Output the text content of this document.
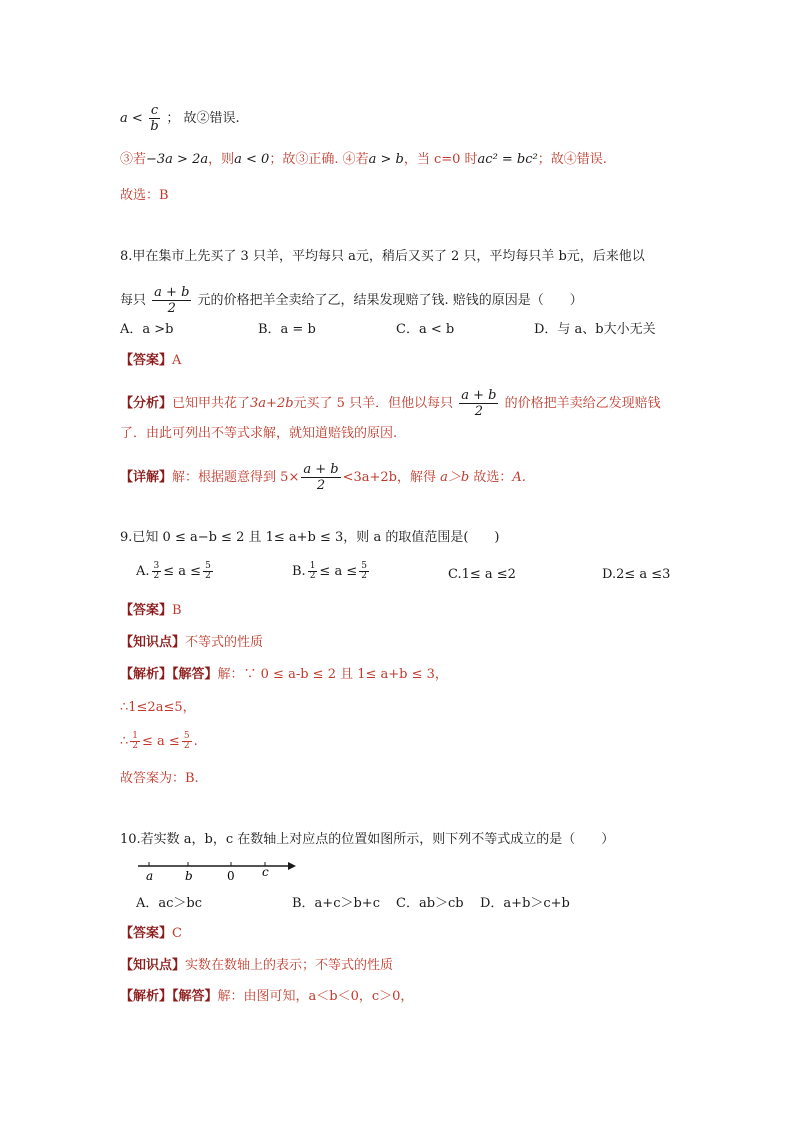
$a < \frac{c}{b}$ ； 故②错误.
③若−3a > 2a，则a < 0；故③正确. ④若a > b，当 c=0 时ac² = bc²；故④错误.
故选：B
8.甲在集市上先买了 3 只羊，平均每只 a元，稍后又买了 2 只，平均每只羊 b元，后来他以
每只 $\frac{a + b}{2}$ 元的价格把羊全卖给了乙，结果发现赔了钱. 赔钱的原因是（　　）
A．a >b	B．a = b	C．a < b	D．与 a、b大小无关
【答案】A
【分析】已知甲共花了3a+2b元买了 5 只羊．但他以每只 $\frac{a + b}{2}$ 的价格把羊卖给乙发现赔钱
了．由此可列出不等式求解，就知道赔钱的原因.
【详解】解：根据题意得到 $5\times \frac{a + b}{2} <3a+2b$，解得 a＞b 故选：A.
9.已知 0 ≤ a−b ≤ 2 且 1≤ a+b ≤ 3，则 a 的取值范围是(　　)
A. $\frac{3}{2} \le a \le \frac{5}{2}$	B. $\frac{1}{2} \le a \le \frac{5}{2}$	C.1≤ a ≤2	D.2≤ a ≤3
【答案】B
【知识点】不等式的性质
【解析】【解答】解：∵ 0 ≤ a-b ≤ 2 且 1≤ a+b ≤ 3，
∴1≤2a≤5，
∴ $\frac{1}{2} \le a \le \frac{5}{2}$ .
故答案为：B.
10.若实数 a，b，c 在数轴上对应点的位置如图所示，则下列不等式成立的是（　　）
a	b	0 c
A．ac＞bc	B．a+c＞b+c C．ab＞cb D．a+b＞c+b
【答案】C
【知识点】实数在数轴上的表示；不等式的性质
【解析】【解答】解：由图可知，a＜b＜0，c＞0，
